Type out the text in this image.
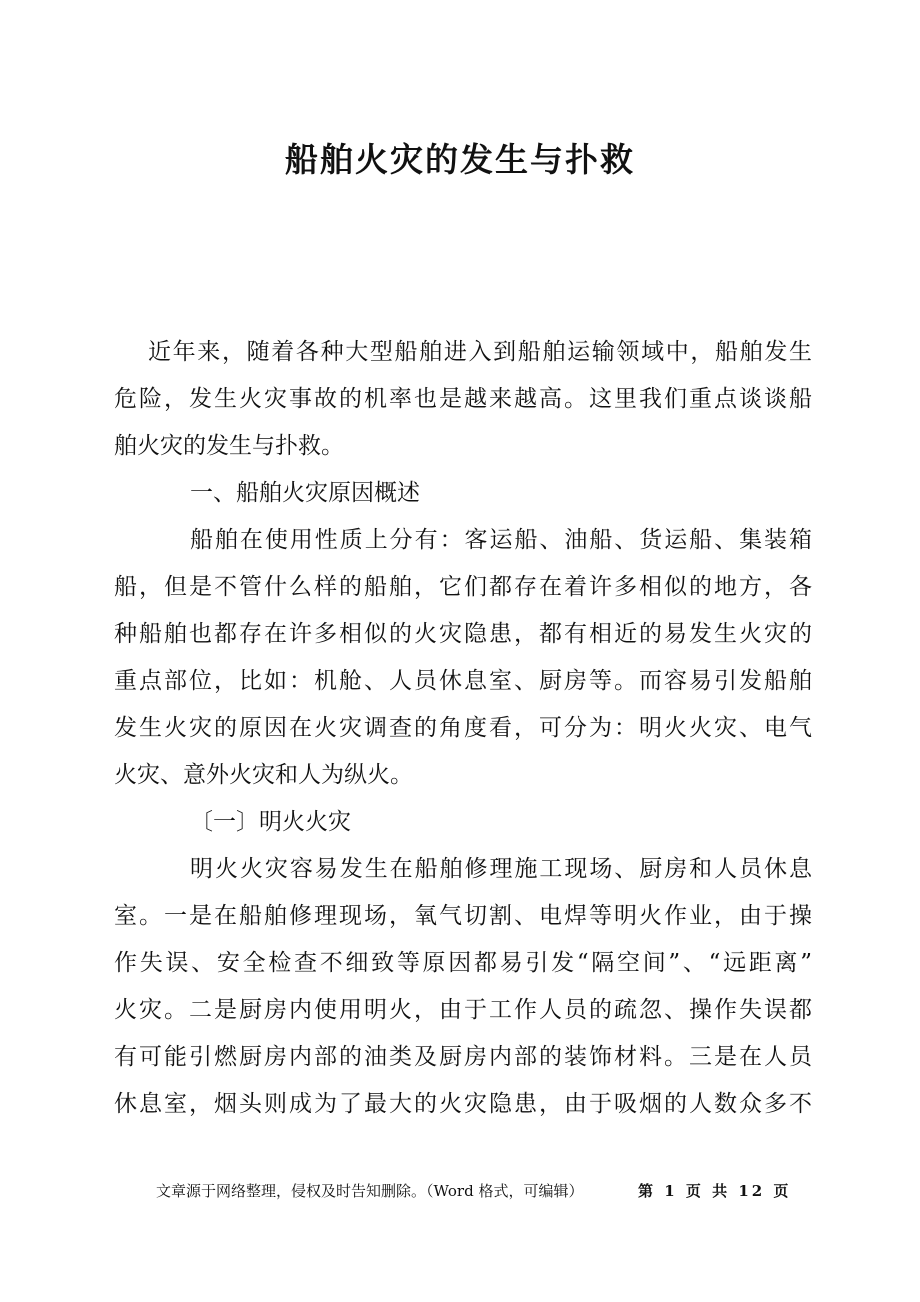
船舶火灾的发生与扑救
近年来，随着各种大型船舶进入到船舶运输领域中，船舶发生
危险，发生火灾事故的机率也是越来越高。这里我们重点谈谈船
舶火灾的发生与扑救。
一、船舶火灾原因概述
船舶在使用性质上分有：客运船、油船、货运船、集装箱
船，但是不管什么样的船舶，它们都存在着许多相似的地方，各
种船舶也都存在许多相似的火灾隐患，都有相近的易发生火灾的
重点部位，比如：机舱、人员休息室、厨房等。而容易引发船舶
发生火灾的原因在火灾调查的角度看，可分为：明火火灾、电气
火灾、意外火灾和人为纵火。
〔一〕明火火灾
明火火灾容易发生在船舶修理施工现场、厨房和人员休息
室。一是在船舶修理现场，氧气切割、电焊等明火作业，由于操
作失误、安全检查不细致等原因都易引发“隔空间”、“远距离”
火灾。二是厨房内使用明火，由于工作人员的疏忽、操作失误都
有可能引燃厨房内部的油类及厨房内部的装饰材料。三是在人员
休息室，烟头则成为了最大的火灾隐患，由于吸烟的人数众多不
文章源于网络整理，侵权及时告知删除。（Word 格式，可编辑）	第 1 页 共 12 页
